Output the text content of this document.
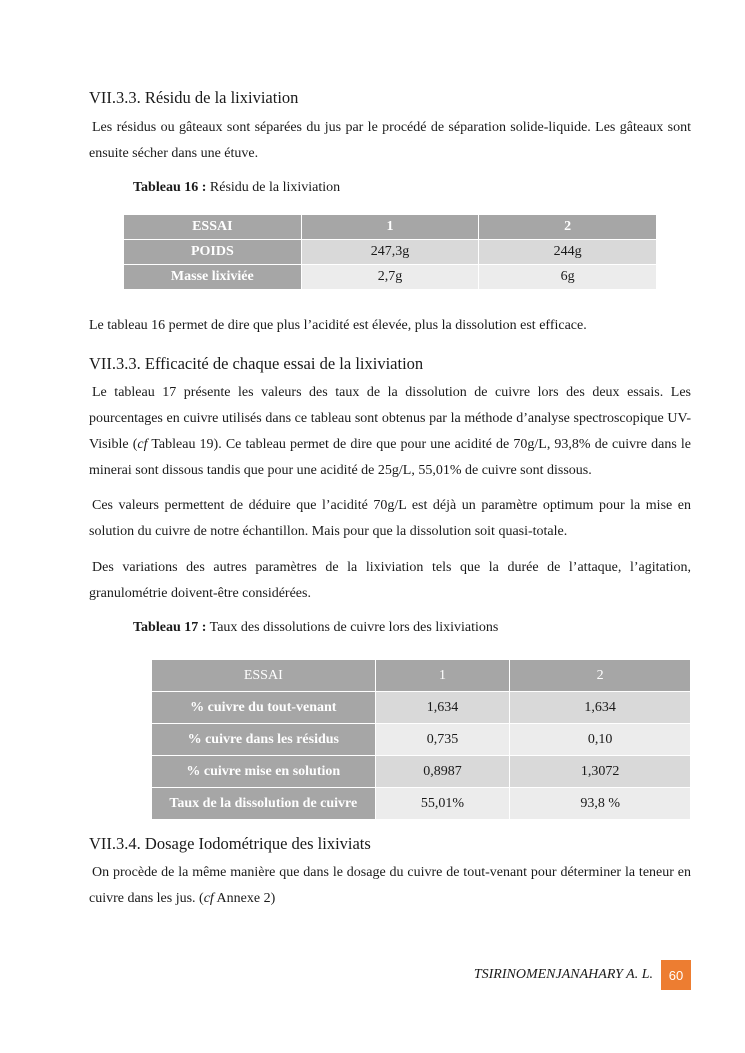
VII.3.3. Résidu de la lixiviation

Les résidus ou gâteaux sont séparées du jus par le procédé de séparation solide-liquide. Les gâteaux sont ensuite sécher dans une étuve.

Tableau 16 : Résidu de la lixiviation
ESSAI	1	2
POIDS	247,3g	244g
Masse lixiviée	2,7g	6g

Le tableau 16 permet de dire que plus l’acidité est élevée, plus la dissolution est efficace.

VII.3.3. Efficacité de chaque essai de la lixiviation

Le tableau 17 présente les valeurs des taux de la dissolution de cuivre lors des deux essais. Les pourcentages en cuivre utilisés dans ce tableau sont obtenus par la méthode d’analyse spectroscopique UV-Visible (cf Tableau 19). Ce tableau permet de dire que pour une acidité de 70g/L, 93,8% de cuivre dans le minerai sont dissous tandis que pour une acidité de 25g/L, 55,01% de cuivre sont dissous.

Ces valeurs permettent de déduire que l’acidité 70g/L est déjà un paramètre optimum pour la mise en solution du cuivre de notre échantillon. Mais pour que la dissolution soit quasi-totale.

Des variations des autres paramètres de la lixiviation tels que la durée de l’attaque, l’agitation, granulométrie doivent-être considérées.

Tableau 17 : Taux des dissolutions de cuivre lors des lixiviations
ESSAI	1	2
% cuivre du tout-venant	1,634	1,634
% cuivre dans les résidus	0,735	0,10
% cuivre mise en solution	0,8987	1,3072
Taux de la dissolution de cuivre	55,01%	93,8 %
VII.3.4. Dosage Iodométrique des lixiviats

On procède de la même manière que dans le dosage du cuivre de tout-venant pour déterminer la teneur en cuivre dans les jus. (cf Annexe 2)

TSIRINOMENJANAHARY A. L.	60
